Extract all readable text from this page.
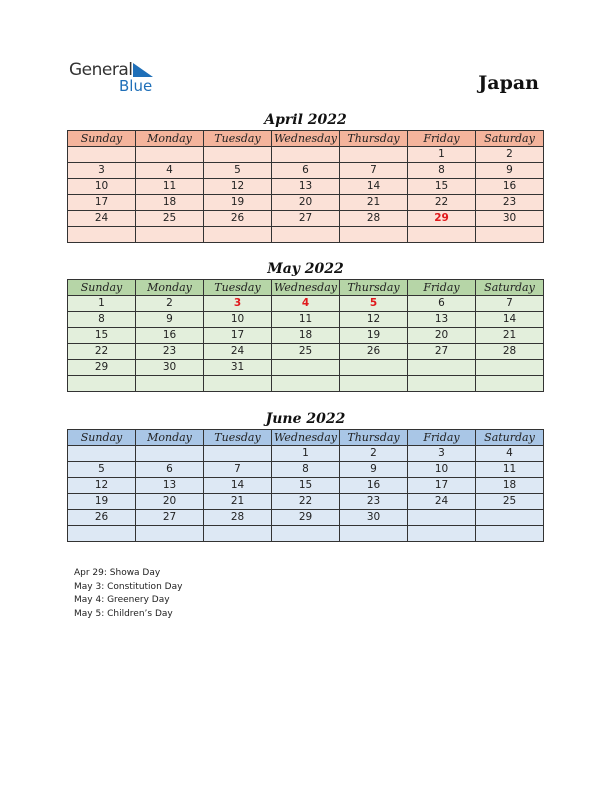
General
Blue	Japan
April 2022
Sunday	Monday	Tuesday	Wednesday	Thursday	Friday	Saturday
					1	2
3	4	5	6	7	8	9
10	11	12	13	14	15	16
17	18	19	20	21	22	23
24	25	26	27	28	29	30

May 2022
Sunday	Monday	Tuesday	Wednesday	Thursday	Friday	Saturday
1	2	3	4	5	6	7
8	9	10	11	12	13	14
15	16	17	18	19	20	21
22	23	24	25	26	27	28
29	30	31				

June 2022
Sunday	Monday	Tuesday	Wednesday	Thursday	Friday	Saturday
			1	2	3	4
5	6	7	8	9	10	11
12	13	14	15	16	17	18
19	20	21	22	23	24	25
26	27	28	29	30		

Apr 29: Showa Day
May 3: Constitution Day
May 4: Greenery Day
May 5: Children’s Day
